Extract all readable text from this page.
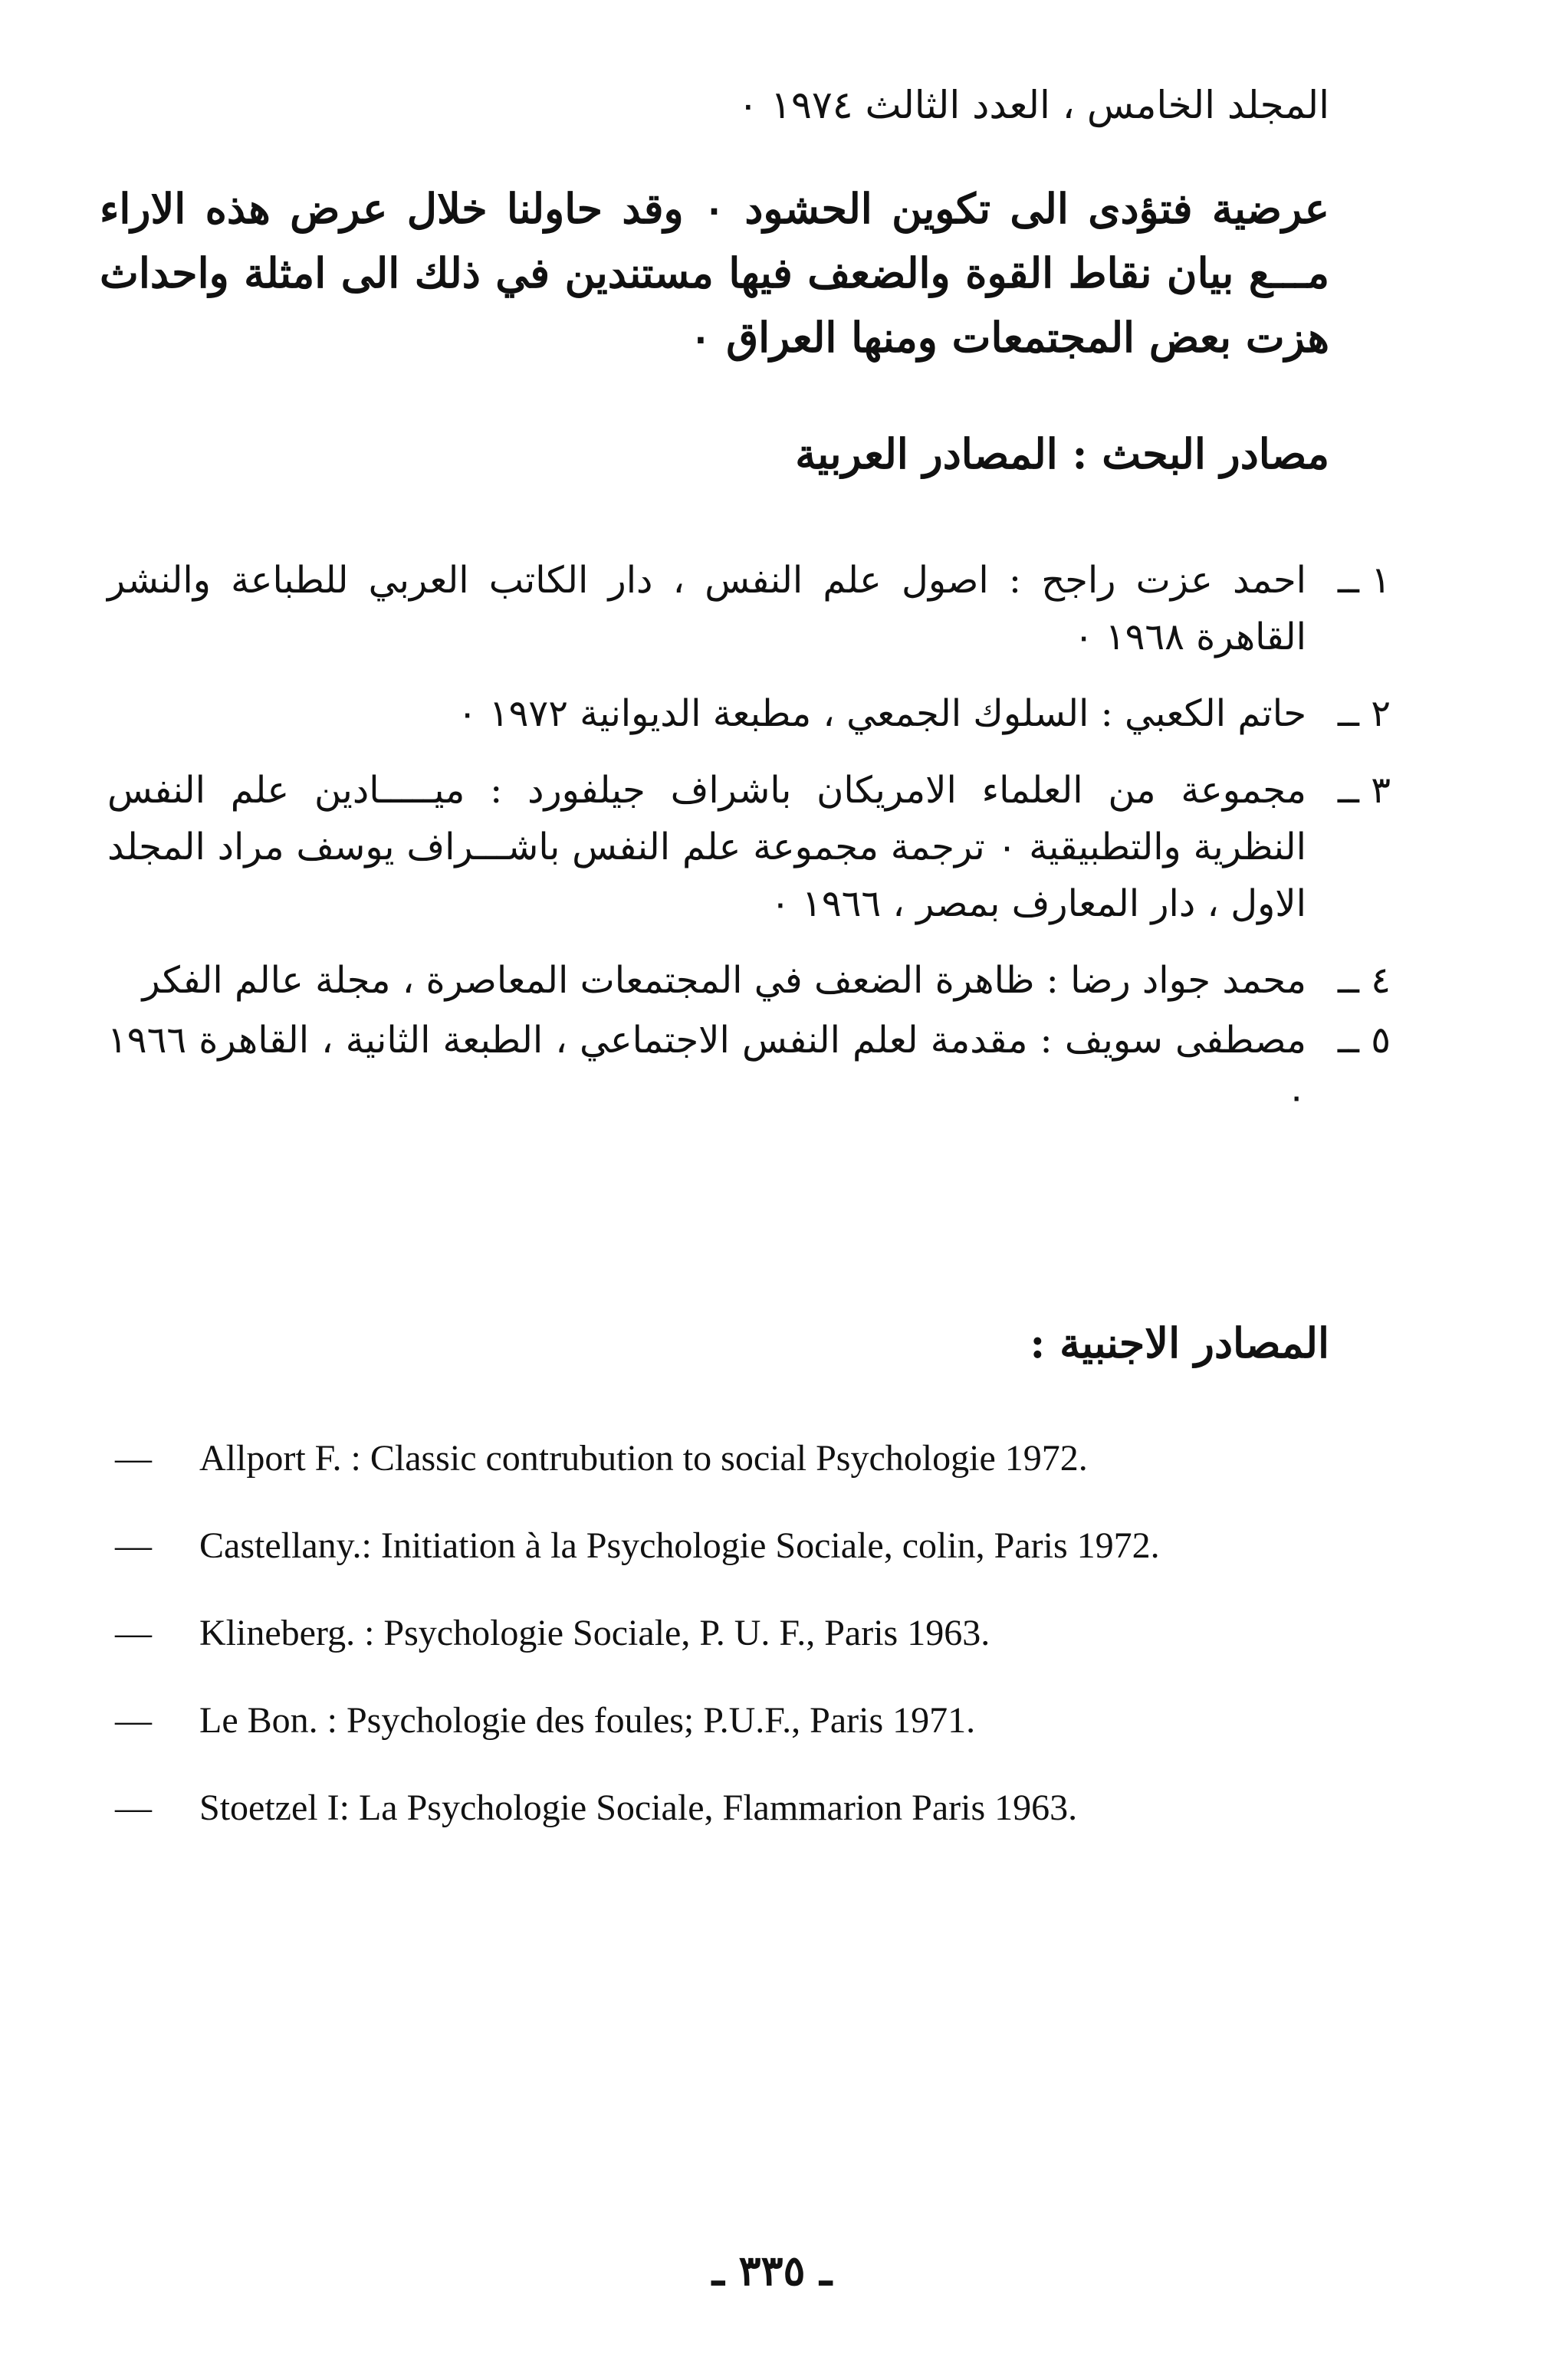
المجلد الخامس ، العدد الثالث ١٩٧٤ ٠
عرضية فتؤدى الى تكوين الحشود ٠ وقد حاولنا خلال عرض هذه الاراء مـــع بيان نقاط القوة والضعف فيها مستندين في ذلك الى امثلة واحداث هزت بعض المجتمعات ومنها العراق ٠
مصادر البحث : المصادر العربية
١ ــ
احمد عزت راجح : اصول علم النفس ، دار الكاتب العربي للطباعة والنشر القاهرة ١٩٦٨ ٠
٢ ــ
حاتم الكعبي : السلوك الجمعي ، مطبعة الديوانية ١٩٧٢ ٠
٣ ــ
مجموعة من العلماء الامريكان باشراف جيلفورد : ميـــــادين علم النفس النظرية والتطبيقية ٠ ترجمة مجموعة علم النفس باشـــراف يوسف مراد المجلد الاول ، دار المعارف بمصر ، ١٩٦٦ ٠
٤ ــ
محمد جواد رضا : ظاهرة الضعف في المجتمعات المعاصرة ، مجلة عالم الفكر
٥ ــ
مصطفى سويف : مقدمة لعلم النفس الاجتماعي ، الطبعة الثانية ، القاهرة ١٩٦٦ ٠
المصادر الاجنبية :
—	Allport F. : Classic contrubution to social Psychologie 1972.
—	Castellany.: Initiation à la Psychologie Sociale, colin, Paris 1972.
—	Klineberg. : Psychologie Sociale, P. U. F., Paris 1963.
—	Le Bon. : Psychologie des foules; P.U.F., Paris 1971.
—	Stoetzel I: La Psychologie Sociale, Flammarion Paris 1963.
ـ ٣٣٥ ـ
